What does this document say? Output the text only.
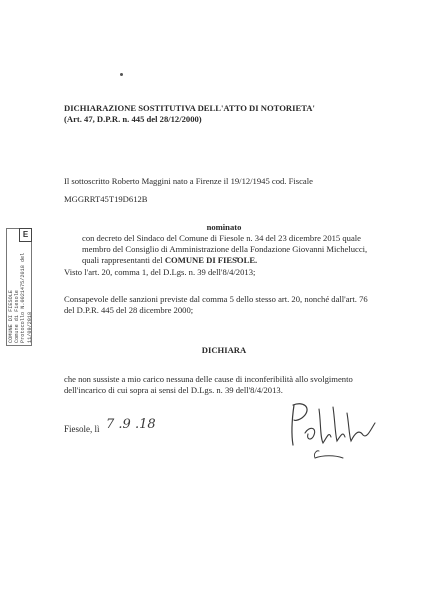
COMUNE DI FIESOLE Comune di Fiesole Protocollo N.0021475/2018 del 11/09/2018
E
DICHIARAZIONE SOSTITUTIVA DELL'ATTO DI NOTORIETA'
(Art. 47, D.P.R. n. 445 del 28/12/2000)
Il sottoscritto Roberto Maggini nato a Firenze il 19/12/1945 cod. Fiscale
MGGRRT45T19D612B
nominato
con decreto del Sindaco del Comune di Fiesole n. 34 del 23 dicembre 2015 quale
membro del Consiglio di Amministrazione della Fondazione Giovanni Michelucci,
quali rappresentanti del COMUNE DI FIESOLE.
Visto l'art. 20, comma 1, del D.Lgs. n. 39 dell'8/4/2013;
Consapevole delle sanzioni previste dal comma 5 dello stesso art. 20, nonché dall'art. 76
del D.P.R. 445 del 28 dicembre 2000;
DICHIARA
che non sussiste a mio carico nessuna delle cause di inconferibilità allo svolgimento
dell'incarico di cui sopra ai sensi del D.Lgs. n. 39 dell'8/4/2013.
Fiesole, lì 7 .9 .18
